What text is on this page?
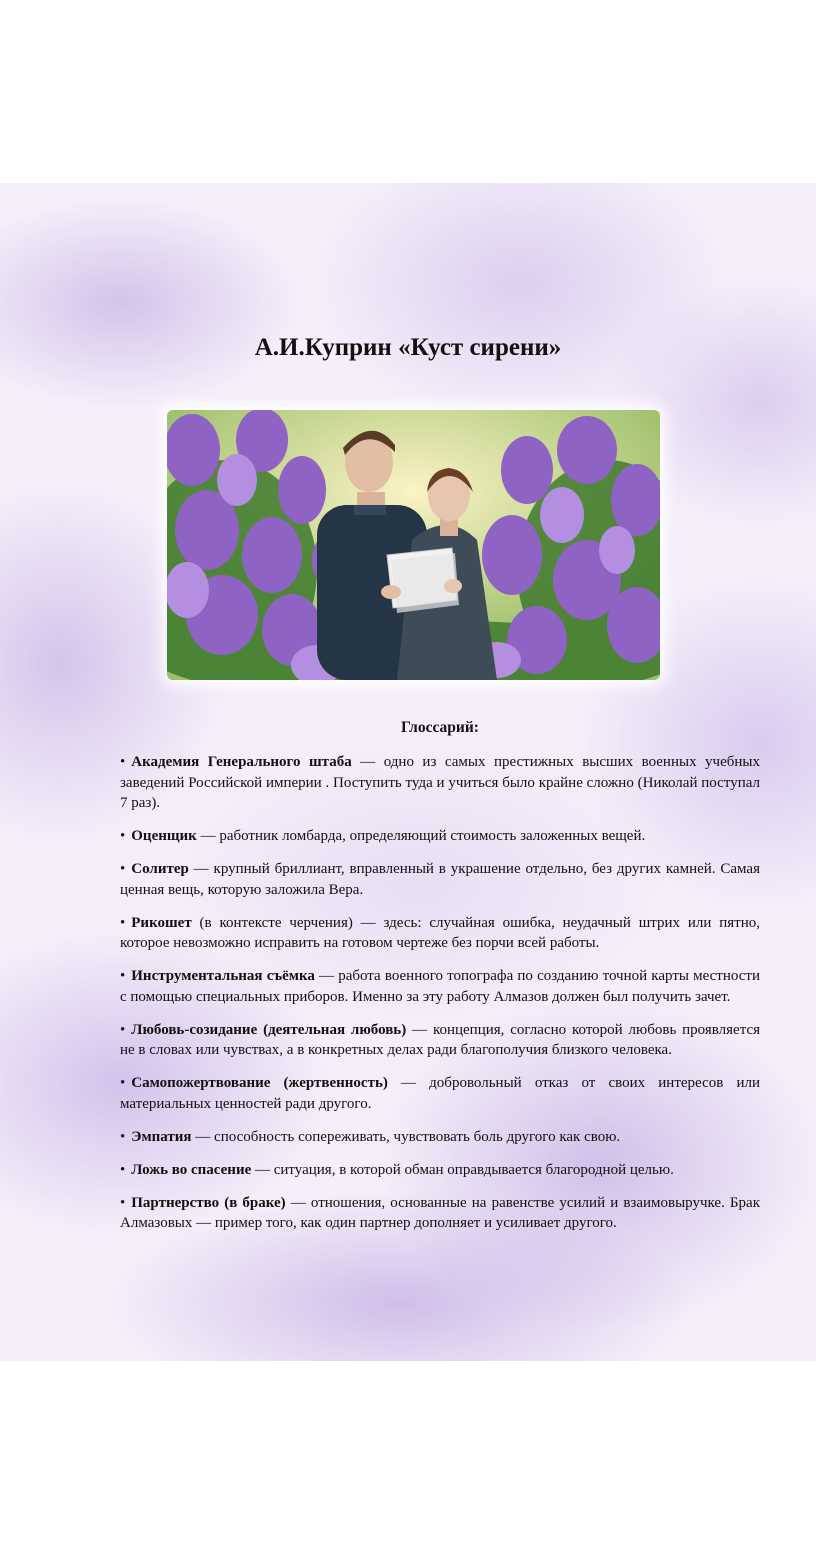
А.И.Куприн «Куст сирени»
Глоссарий:

• Академия Генерального штаба — одно из самых престижных высших военных учебных заведений Российской империи . Поступить туда и учиться было крайне сложно (Николай поступал 7 раз).

• Оценщик — работник ломбарда, определяющий стоимость заложенных вещей.

• Солитер — крупный бриллиант, вправленный в украшение отдельно, без других камней. Самая ценная вещь, которую заложила Вера.

• Рикошет (в контексте черчения) — здесь: случайная ошибка, неудачный штрих или пятно, которое невозможно исправить на готовом чертеже без порчи всей работы.

• Инструментальная съёмка — работа военного топографа по созданию точной карты местности с помощью специальных приборов. Именно за эту работу Алмазов должен был получить зачет.

• Любовь-созидание (деятельная любовь) — концепция, согласно которой любовь проявляется не в словах или чувствах, а в конкретных делах ради благополучия близкого человека.

• Самопожертвование (жертвенность) — добровольный отказ от своих интересов или материальных ценностей ради другого.

• Эмпатия — способность сопереживать, чувствовать боль другого как свою.

• Ложь во спасение — ситуация, в которой обман оправдывается благородной целью.

• Партнерство (в браке) — отношения, основанные на равенстве усилий и взаимовыручке. Брак Алмазовых — пример того, как один партнер дополняет и усиливает другого.
